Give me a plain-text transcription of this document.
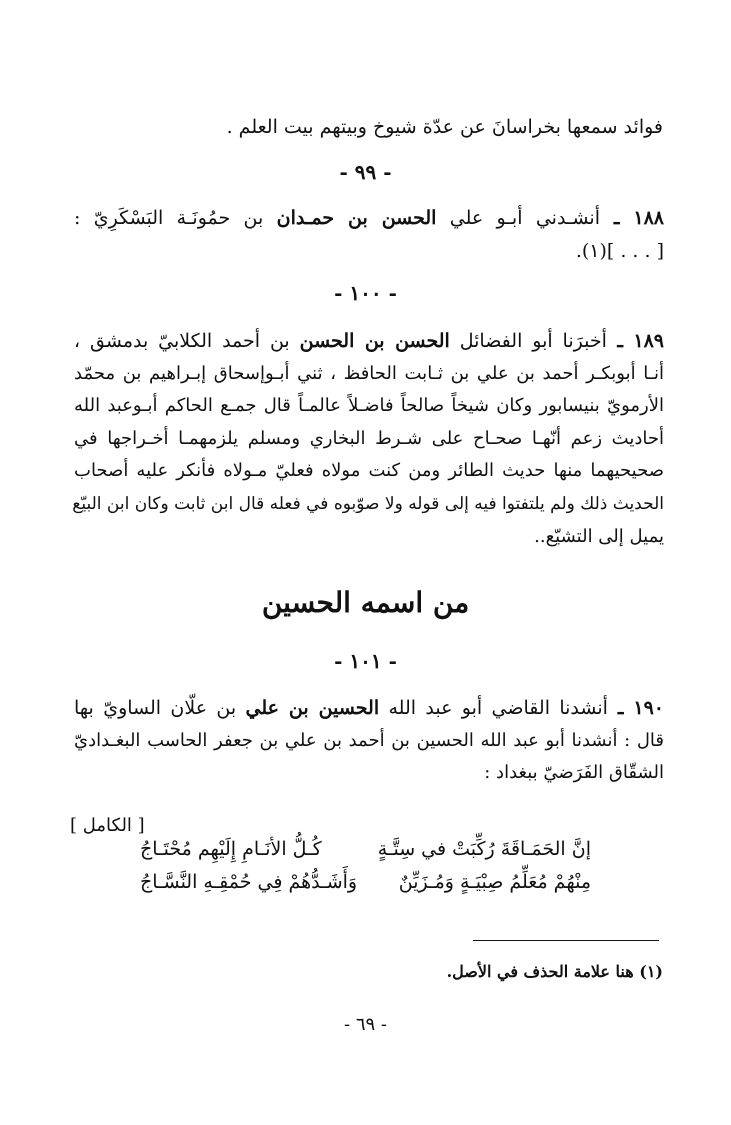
فوائد سمعها بخراسانَ عن عدّة شيوخ وبيتهم بيت العلم .
- ٩٩ -
١٨٨ ـ أنشـدني أبـو علي الحسن بن حمـدان بن حمُونَـة البَسْكَرِيّ :
[ . . . ](١).
- ١٠٠ -
١٨٩ ـ أخبرَنا أبو الفضائل الحسن بن الحسن بن أحمد الكلابيّ بدمشق ،
أنـا أبوبكـر أحمد بن علي بن ثـابت الحافظ ، ثني أبـوإسحاق إبـراهيم بن محمّد
الأرمويّ بنيسابور وكان شيخاً صالحاً فاضـلاً عالمـاً قال جمـع الحاكم أبـوعبد الله
أحاديث زعم أنّهـا صحـاح على شـرط البخاري ومسلم يلزمهمـا أخـراجها في
صحيحيهما منها حديث الطائر ومن كنت مولاه فعليّ مـولاه فأنكر عليه أصحاب
الحديث ذلك ولم يلتفتوا فيه إلى قوله ولا صوّبوه في فعله قال ابن ثابت وكان ابن البيّع
يميل إلى التشيّع..
من اسمه الحسين
- ١٠١ -
١٩٠ ـ أنشدنا القاضي أبو عبد الله الحسين بن علي بن علّان الساويّ بها
قال : أنشدنا أبو عبد الله الحسين بن أحمد بن علي بن جعفر الحاسب البغـداديّ
الشقّاق الفَرَضيّ ببغداد :
[ الكامل ]
إنَّ الحَمَـاقَةَ رُكِّبَتْ في سِتَّـةٍ
كُـلُّ الأنَـامِ إِلَيْهِم مُحْتَـاجُ
مِنْهُمْ مُعَلِّمُ صِبْيَـةٍ وَمُـزَيِّنٌ
وَأَشَـدُّهُمْ فِي حُمْقِـهِ النَّسَّـاجُ
(١) هنا علامة الحذف في الأصل.
- ٦٩ -
